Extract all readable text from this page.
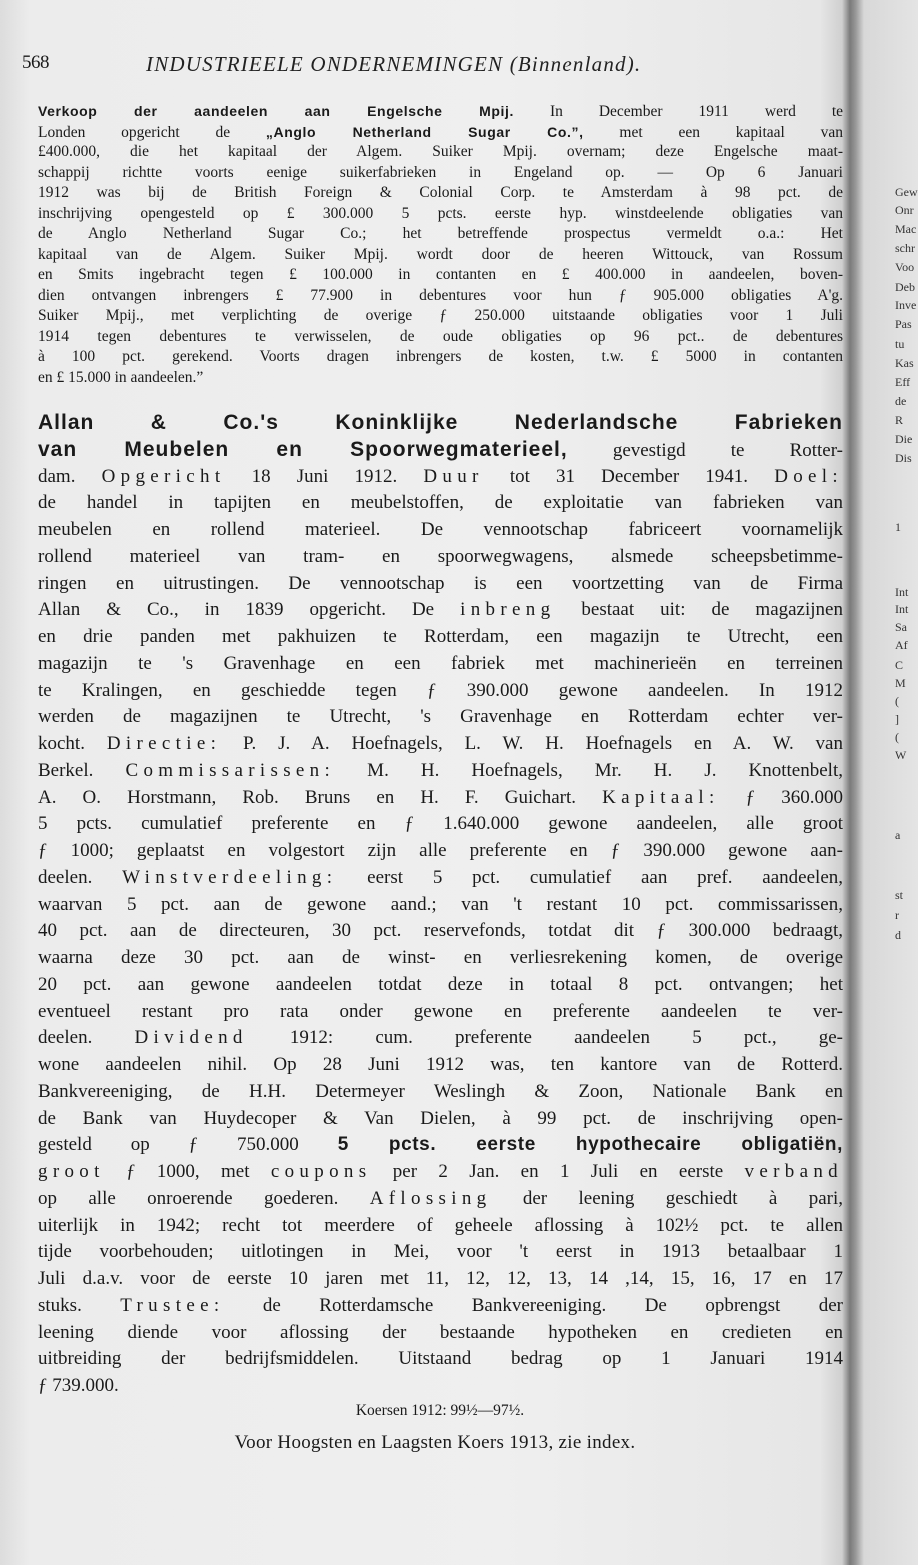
568	INDUSTRIEELE ONDERNEMINGEN (Binnenland).
Verkoop der aandeelen aan Engelsche Mpij. In December 1911 werd te
Londen opgericht de „Anglo Netherland Sugar Co.”, met een kapitaal van
£400.000, die het kapitaal der Algem. Suiker Mpij. overnam; deze Engelsche maat-
schappij richtte voorts eenige suikerfabrieken in Engeland op. — Op 6 Januari
1912 was bij de British Foreign & Colonial Corp. te Amsterdam à 98 pct. de
inschrijving opengesteld op £ 300.000 5 pcts. eerste hyp. winstdeelende obligaties van
de Anglo Netherland Sugar Co.; het betreffende prospectus vermeldt o.a.: Het
kapitaal van de Algem. Suiker Mpij. wordt door de heeren Wittouck, van Rossum
en Smits ingebracht tegen £ 100.000 in contanten en £ 400.000 in aandeelen, boven-
dien ontvangen inbrengers £ 77.900 in debentures voor hun ƒ 905.000 obligaties A'g.
Suiker Mpij., met verplichting de overige ƒ 250.000 uitstaande obligaties voor 1 Juli
1914 tegen debentures te verwisselen, de oude obligaties op 96 pct.. de debentures
à 100 pct. gerekend. Voorts dragen inbrengers de kosten, t.w. £ 5000 in contanten
en £ 15.000 in aandeelen.”
Allan & Co.'s Koninklijke Nederlandsche Fabrieken
van Meubelen en Spoorwegmaterieel, gevestigd te Rotter-
dam. Opgericht 18 Juni 1912. Duur tot 31 December 1941. Doel:
de handel in tapijten en meubelstoffen, de exploitatie van fabrieken van
meubelen en rollend materieel. De vennootschap fabriceert voornamelijk
rollend materieel van tram- en spoorwegwagens, alsmede scheepsbetimme-
ringen en uitrustingen. De vennootschap is een voortzetting van de Firma
Allan & Co., in 1839 opgericht. De inbreng bestaat uit: de magazijnen
en drie panden met pakhuizen te Rotterdam, een magazijn te Utrecht, een
magazijn te 's Gravenhage en een fabriek met machinerieën en terreinen
te Kralingen, en geschiedde tegen ƒ 390.000 gewone aandeelen. In 1912
werden de magazijnen te Utrecht, 's Gravenhage en Rotterdam echter ver-
kocht. Directie: P. J. A. Hoefnagels, L. W. H. Hoefnagels en A. W. van
Berkel. Commissarissen: M. H. Hoefnagels, Mr. H. J. Knottenbelt,
A. O. Horstmann, Rob. Bruns en H. F. Guichart. Kapitaal: ƒ 360.000
5 pcts. cumulatief preferente en ƒ 1.640.000 gewone aandeelen, alle groot
ƒ 1000; geplaatst en volgestort zijn alle preferente en ƒ 390.000 gewone aan-
deelen. Winstverdeeling: eerst 5 pct. cumulatief aan pref. aandeelen,
waarvan 5 pct. aan de gewone aand.; van 't restant 10 pct. commissarissen,
40 pct. aan de directeuren, 30 pct. reservefonds, totdat dit ƒ 300.000 bedraagt,
waarna deze 30 pct. aan de winst- en verliesrekening komen, de overige
20 pct. aan gewone aandeelen totdat deze in totaal 8 pct. ontvangen; het
eventueel restant pro rata onder gewone en preferente aandeelen te ver-
deelen. Dividend 1912: cum. preferente aandeelen 5 pct., ge-
wone aandeelen nihil. Op 28 Juni 1912 was, ten kantore van de Rotterd.
Bankvereeniging, de H.H. Determeyer Weslingh & Zoon, Nationale Bank en
de Bank van Huydecoper & Van Dielen, à 99 pct. de inschrijving open-
gesteld op ƒ 750.000 5 pcts. eerste hypothecaire obligatiën,
groot ƒ 1000, met coupons per 2 Jan. en 1 Juli en eerste verband
op alle onroerende goederen. Aflossing der leening geschiedt à pari,
uiterlijk in 1942; recht tot meerdere of geheele aflossing à 102½ pct. te allen
tijde voorbehouden; uitlotingen in Mei, voor 't eerst in 1913 betaalbaar 1
Juli d.a.v. voor de eerste 10 jaren met 11, 12, 12, 13, 14 ,14, 15, 16, 17 en 17
stuks. Trustee: de Rotterdamsche Bankvereeniging. De opbrengst der
leening diende voor aflossing der bestaande hypotheken en credieten en
uitbreiding der bedrijfsmiddelen. Uitstaand bedrag op 1 Januari 1914
ƒ 739.000.
Koersen 1912: 99½—97½.
Voor Hoogsten en Laagsten Koers 1913, zie index.
Gew
Onr
Mac
schr
Voo
Deb
Inve
Pas
tu
Kas
Eff
de
R
Die
Dis
1
Int
Int
Sa
Af
C
M
(
]
(
W
a
st
r
d
